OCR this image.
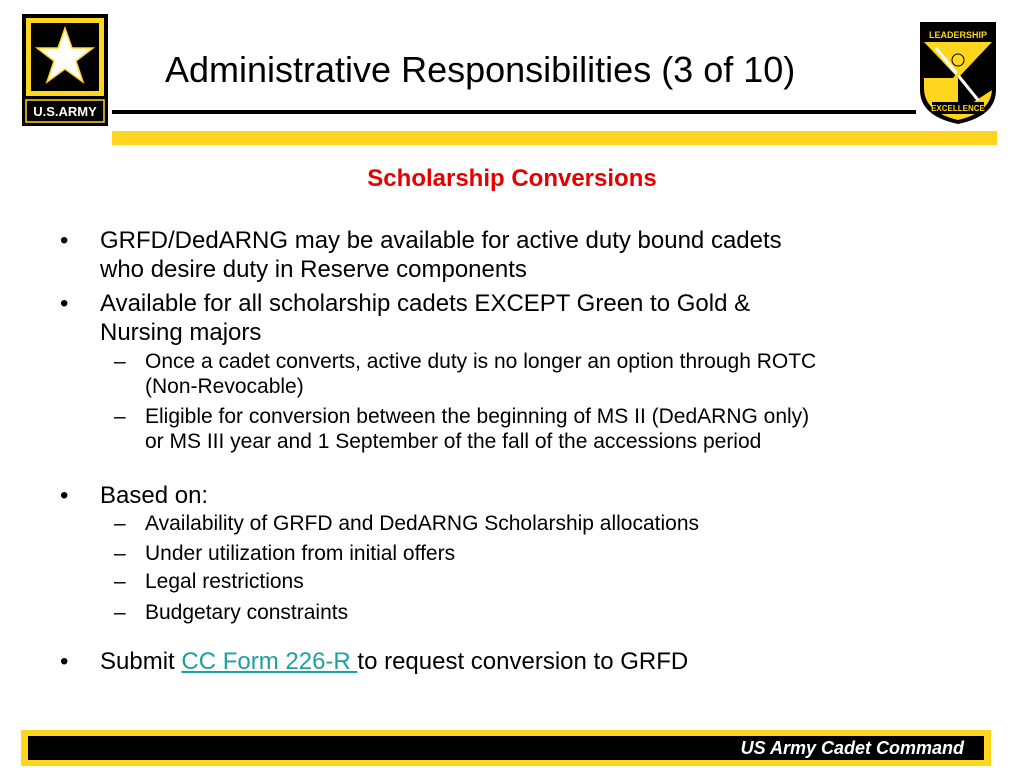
U.S.ARMY
LEADERSHIP
EXCELLENCE
Administrative Responsibilities (3 of 10)
Scholarship Conversions
• GRFD/DedARNG may be available for active duty bound cadets
who desire duty in Reserve components
• Available for all scholarship cadets EXCEPT Green to Gold &
Nursing majors
– Once a cadet converts, active duty is no longer an option through ROTC
(Non-Revocable)
– Eligible for conversion between the beginning of MS II (DedARNG only)
or MS III year and 1 September of the fall of the accessions period
• Based on:
– Availability of GRFD and DedARNG Scholarship allocations
– Under utilization from initial offers
– Legal restrictions
– Budgetary constraints
• Submit CC Form 226-R to request conversion to GRFD
US Army Cadet Command
